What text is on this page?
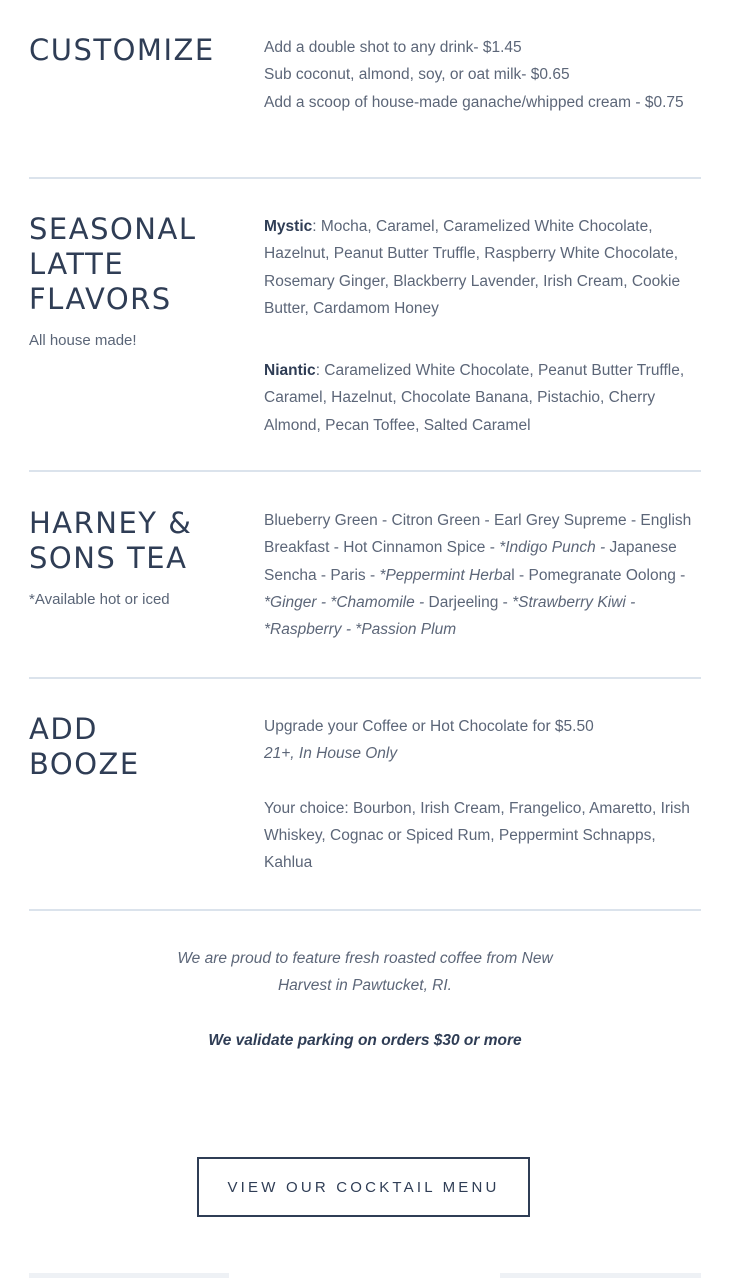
CUSTOMIZE	Add a double shot to any drink- $1.45

Sub coconut, almond, soy, or oat milk- $0.65

Add a scoop of house-made ganache/whipped cream - $0.75

SEASONAL LATTE FLAVORS
All house made!

Mystic: Mocha, Caramel, Caramelized White Chocolate, Hazelnut, Peanut Butter Truffle, Raspberry White Chocolate, Rosemary Ginger, Blackberry Lavender, Irish Cream, Cookie Butter, Cardamom Honey

Niantic: Caramelized White Chocolate, Peanut Butter Truffle, Caramel, Hazelnut, Chocolate Banana, Pistachio, Cherry Almond, Pecan Toffee, Salted Caramel

HARNEY & SONS TEA
*Available hot or iced

Blueberry Green - Citron Green - Earl Grey Supreme - English Breakfast - Hot Cinnamon Spice - *Indigo Punch - Japanese Sencha - Paris - *Peppermint Herbal - Pomegranate Oolong - *Ginger - *Chamomile - Darjeeling - *Strawberry Kiwi - *Raspberry - *Passion Plum

ADD BOOZE

Upgrade your Coffee or Hot Chocolate for $5.50

21+, In House Only

Your choice: Bourbon, Irish Cream, Frangelico, Amaretto, Irish Whiskey, Cognac or Spiced Rum, Peppermint Schnapps, Kahlua

We are proud to feature fresh roasted coffee from New
Harvest in Pawtucket, RI.
We validate parking on orders $30 or more
VIEW OUR COCKTAIL MENU
